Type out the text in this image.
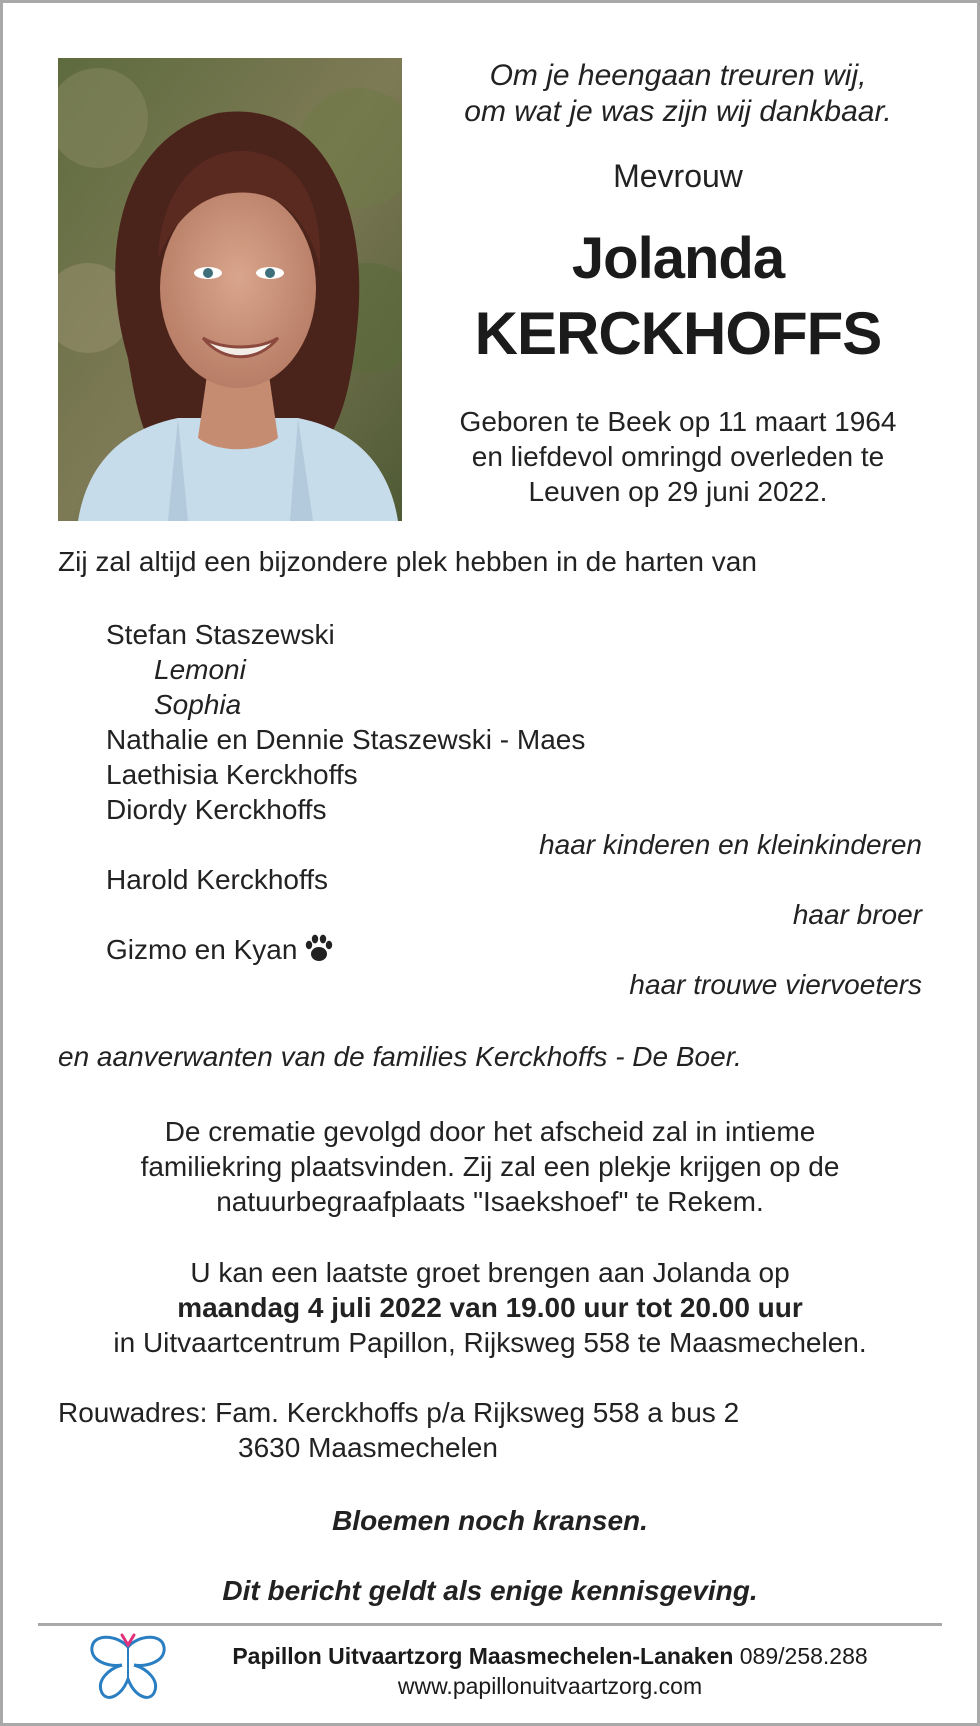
Om je heengaan treuren wij,
om wat je was zijn wij dankbaar.
Mevrouw
Jolanda
KERCKHOFFS
Geboren te Beek op 11 maart 1964
en liefdevol omringd overleden te
Leuven op 29 juni 2022.
Zij zal altijd een bijzondere plek hebben in de harten van
Stefan Staszewski
Lemoni
Sophia
Nathalie en Dennie Staszewski - Maes
Laethisia Kerckhoffs
Diordy Kerckhoffs
haar kinderen en kleinkinderen
Harold Kerckhoffs
haar broer
Gizmo en Kyan
haar trouwe viervoeters
en aanverwanten van de families Kerckhoffs - De Boer.
De crematie gevolgd door het afscheid zal in intieme
familiekring plaatsvinden. Zij zal een plekje krijgen op de
natuurbegraafplaats "Isaekshoef" te Rekem.
U kan een laatste groet brengen aan Jolanda op
maandag 4 juli 2022 van 19.00 uur tot 20.00 uur
in Uitvaartcentrum Papillon, Rijksweg 558 te Maasmechelen.
Rouwadres: Fam. Kerckhoffs p/a Rijksweg 558 a bus 2
3630 Maasmechelen
Bloemen noch kransen.
Dit bericht geldt als enige kennisgeving.
Papillon Uitvaartzorg Maasmechelen-Lanaken 089/258.288
www.papillonuitvaartzorg.com
